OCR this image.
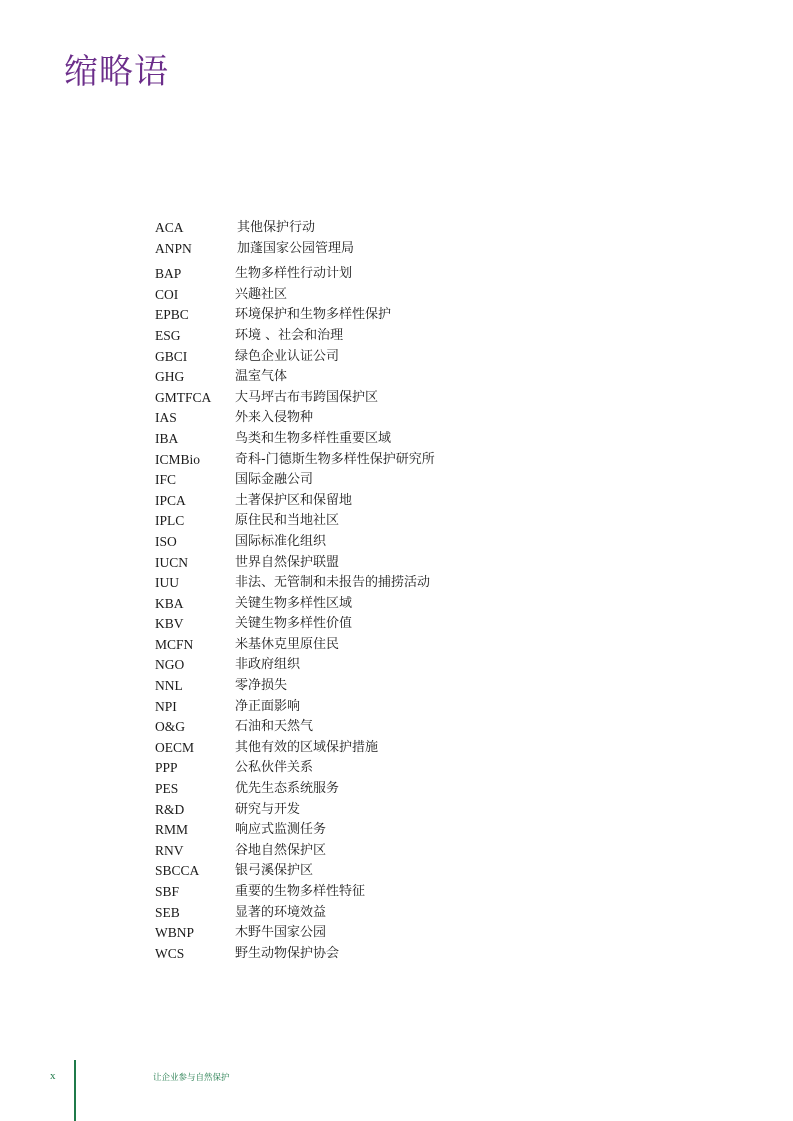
缩略语
ACA	其他保护行动
ANPN	加蓬国家公园管理局
BAP	生物多样性行动计划
COI	兴趣社区
EPBC	环境保护和生物多样性保护
ESG	环境 、社会和治理
GBCI	绿色企业认证公司
GHG	温室气体
GMTFCA	大马坪古布韦跨国保护区
IAS	外来入侵物种
IBA	鸟类和生物多样性重要区域
ICMBio	奇科-门德斯生物多样性保护研究所
IFC	国际金融公司
IPCA	土著保护区和保留地
IPLC	原住民和当地社区
ISO	国际标准化组织
IUCN	世界自然保护联盟
IUU	非法、无管制和未报告的捕捞活动
KBA	关键生物多样性区域
KBV	关键生物多样性价值
MCFN	米基休克里原住民
NGO	非政府组织
NNL	零净损失
NPI	净正面影响
O&G	石油和天然气
OECM	其他有效的区域保护措施
PPP	公私伙伴关系
PES	优先生态系统服务
R&D	研究与开发
RMM	响应式监测任务
RNV	谷地自然保护区
SBCCA	银弓溪保护区
SBF	重要的生物多样性特征
SEB	显著的环境效益
WBNP	木野牛国家公园
WCS	野生动物保护协会
x	让企业参与自然保护
